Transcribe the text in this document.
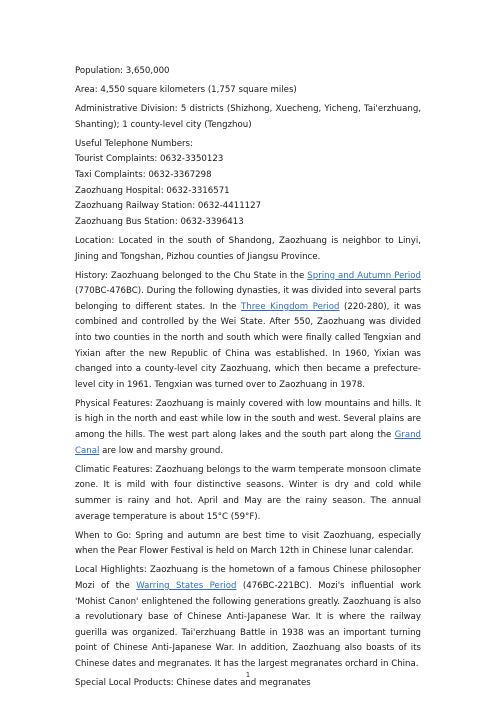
Population: 3,650,000

Area: 4,550 square kilometers (1,757 square miles)

Administrative Division: 5 districts (Shizhong, Xuecheng, Yicheng, Tai'erzhuang, Shanting); 1 county-level city (Tengzhou)

Useful Telephone Numbers:
Tourist Complaints: 0632-3350123
Taxi Complaints: 0632-3367298
Zaozhuang Hospital: 0632-3316571
Zaozhuang Railway Station: 0632-4411127
Zaozhuang Bus Station: 0632-3396413

Location: Located in the south of Shandong, Zaozhuang is neighbor to Linyi, Jining and Tongshan, Pizhou counties of Jiangsu Province.

History: Zaozhuang belonged to the Chu State in the Spring and Autumn Period (770BC-476BC). During the following dynasties, it was divided into several parts belonging to different states. In the Three Kingdom Period (220-280), it was combined and controlled by the Wei State. After 550, Zaozhuang was divided into two counties in the north and south which were finally called Tengxian and Yixian after the new Republic of China was established. In 1960, Yixian was changed into a county-level city Zaozhuang, which then became a prefecture-level city in 1961. Tengxian was turned over to Zaozhuang in 1978.

Physical Features: Zaozhuang is mainly covered with low mountains and hills. It is high in the north and east while low in the south and west. Several plains are among the hills. The west part along lakes and the south part along the Grand Canal are low and marshy ground.

Climatic Features: Zaozhuang belongs to the warm temperate monsoon climate zone. It is mild with four distinctive seasons. Winter is dry and cold while summer is rainy and hot. April and May are the rainy season. The annual average temperature is about 15°C (59°F).

When to Go: Spring and autumn are best time to visit Zaozhuang, especially when the Pear Flower Festival is held on March 12th in Chinese lunar calendar.

Local Highlights: Zaozhuang is the hometown of a famous Chinese philosopher Mozi of the Warring States Period (476BC-221BC). Mozi's influential work 'Mohist Canon' enlightened the following generations greatly. Zaozhuang is also a revolutionary base of Chinese Anti-Japanese War. It is where the railway guerilla was organized. Tai'erzhuang Battle in 1938 was an important turning point of Chinese Anti-Japanese War. In addition, Zaozhuang also boasts of its Chinese dates and megranates. It has the largest megranates orchard in China.

Special Local Products: Chinese dates and megranates

1
